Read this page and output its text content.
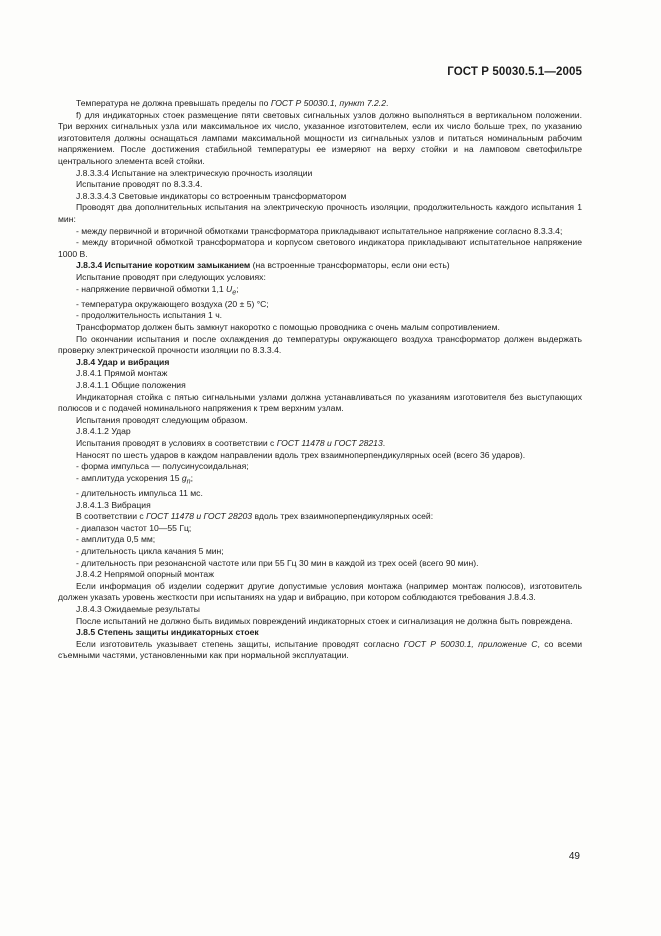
ГОСТ Р 50030.5.1—2005

Температура не должна превышать пределы по ГОСТ Р 50030.1, пункт 7.2.2.

f) для индикаторных стоек размещение пяти световых сигнальных узлов должно выполняться в вертикальном положении. Три верхних сигнальных узла или максимальное их число, указанное изготовителем, если их число больше трех, по указанию изготовителя должны оснащаться лампами максимальной мощности из сигнальных узлов и питаться номинальным рабочим напряжением. После достижения стабильной температуры ее измеряют на верху стойки и на ламповом светофильтре центрального элемента всей стойки.

J.8.3.3.4 Испытание на электрическую прочность изоляции

Испытание проводят по 8.3.3.4.

J.8.3.3.4.3 Световые индикаторы со встроенным трансформатором

Проводят два дополнительных испытания на электрическую прочность изоляции, продолжительность каждого испытания 1 мин:

- между первичной и вторичной обмотками трансформатора прикладывают испытательное напряжение согласно 8.3.3.4;

- между вторичной обмоткой трансформатора и корпусом светового индикатора прикладывают испытательное напряжение 1000 В.

J.8.3.4 Испытание коротким замыканием (на встроенные трансформаторы, если они есть)

Испытание проводят при следующих условиях:

- напряжение первичной обмотки 1,1 $U_e$;

- температура окружающего воздуха (20 ± 5) °С;

- продолжительность испытания 1 ч.

Трансформатор должен быть замкнут накоротко с помощью проводника с очень малым сопротивлением.

По окончании испытания и после охлаждения до температуры окружающего воздуха трансформатор должен выдержать проверку электрической прочности изоляции по 8.3.3.4.

J.8.4 Удар и вибрация

J.8.4.1 Прямой монтаж

J.8.4.1.1 Общие положения

Индикаторная стойка с пятью сигнальными узлами должна устанавливаться по указаниям изготовителя без выступающих полюсов и с подачей номинального напряжения к трем верхним узлам.

Испытания проводят следующим образом.

J.8.4.1.2 Удар

Испытания проводят в условиях в соответствии с ГОСТ 11478 и ГОСТ 28213.

Наносят по шесть ударов в каждом направлении вдоль трех взаимноперпендикулярных осей (всего 36 ударов).

- форма импульса — полусинусоидальная;

- амплитуда ускорения 15 $g_n$;

- длительность импульса 11 мс.

J.8.4.1.3 Вибрация

В соответствии с ГОСТ 11478 и ГОСТ 28203 вдоль трех взаимноперпендикулярных осей:

- диапазон частот 10—55 Гц;

- амплитуда 0,5 мм;

- длительность цикла качания 5 мин;

- длительность при резонансной частоте или при 55 Гц 30 мин в каждой из трех осей (всего 90 мин).

J.8.4.2 Непрямой опорный монтаж

Если информация об изделии содержит другие допустимые условия монтажа (например монтаж полюсов), изготовитель должен указать уровень жесткости при испытаниях на удар и вибрацию, при котором соблюдаются требования J.8.4.3.

J.8.4.3 Ожидаемые результаты

После испытаний не должно быть видимых повреждений индикаторных стоек и сигнализация не должна быть повреждена.

J.8.5 Степень защиты индикаторных стоек

Если изготовитель указывает степень защиты, испытание проводят согласно ГОСТ Р 50030.1, приложение С, со всеми съемными частями, установленными как при нормальной эксплуатации.

49
